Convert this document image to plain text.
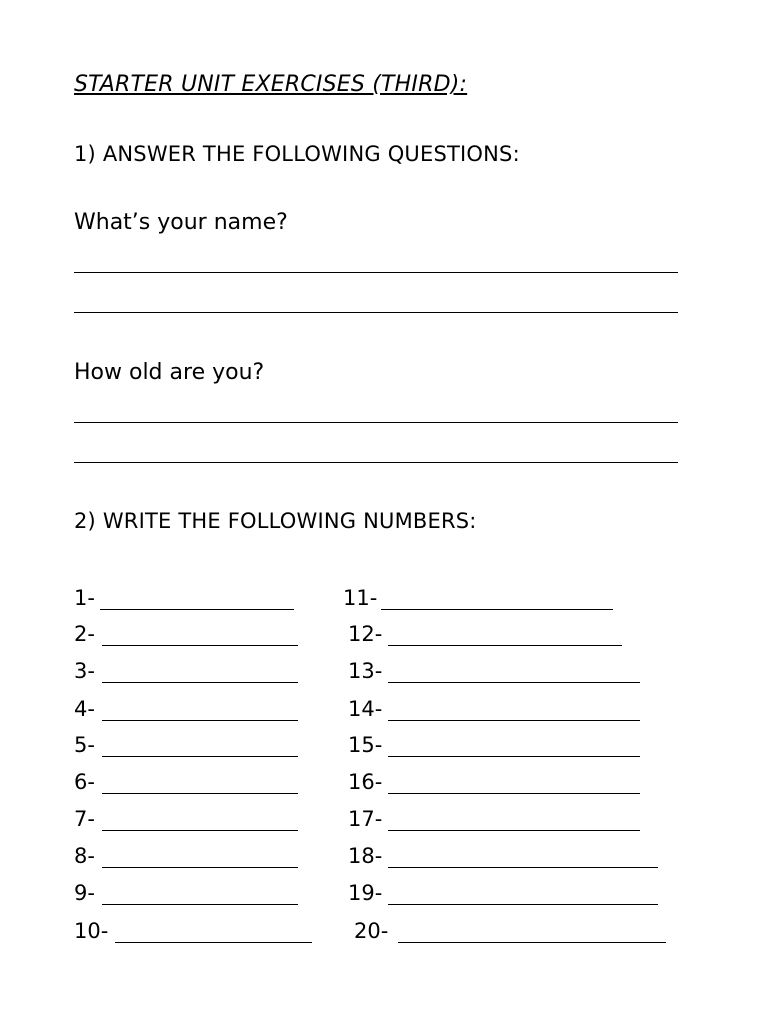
STARTER UNIT EXERCISES (THIRD):
1) ANSWER THE FOLLOWING QUESTIONS:
What’s your name?
How old are you?
2) WRITE THE FOLLOWING NUMBERS:
1-
2-
3-
4-
5-
6-
7-
8-
9-
10-
11-
12-
13-
14-
15-
16-
17-
18-
19-
20-
